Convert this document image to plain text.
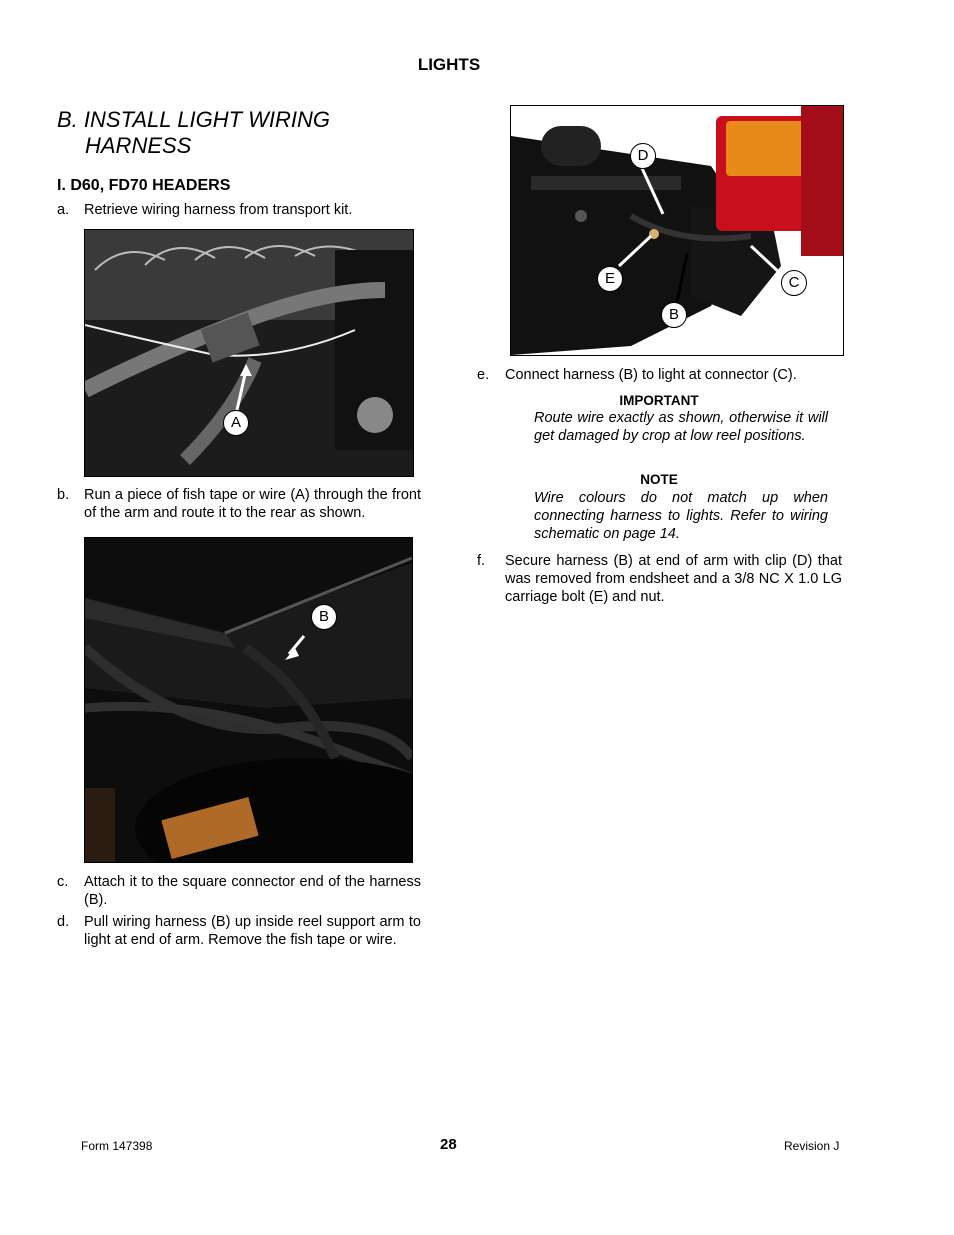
LIGHTS
B. INSTALL LIGHT WIRING
HARNESS
I. D60, FD70 HEADERS
a. Retrieve wiring harness from transport kit.
A
b. Run a piece of fish tape or wire (A) through the front of the arm and route it to the rear as shown.
B
c. Attach it to the square connector end of the harness (B).
d. Pull wiring harness (B) up inside reel support arm to light at end of arm. Remove the fish tape or wire.
D
E
B
C
e. Connect harness (B) to light at connector (C).
IMPORTANT
Route wire exactly as shown, otherwise it will get damaged by crop at low reel positions.
NOTE
Wire colours do not match up when connecting harness to lights. Refer to wiring schematic on page 14.
f. Secure harness (B) at end of arm with clip (D) that was removed from endsheet and a 3/8 NC X 1.0 LG carriage bolt (E) and nut.
Form 147398	28	Revision J
